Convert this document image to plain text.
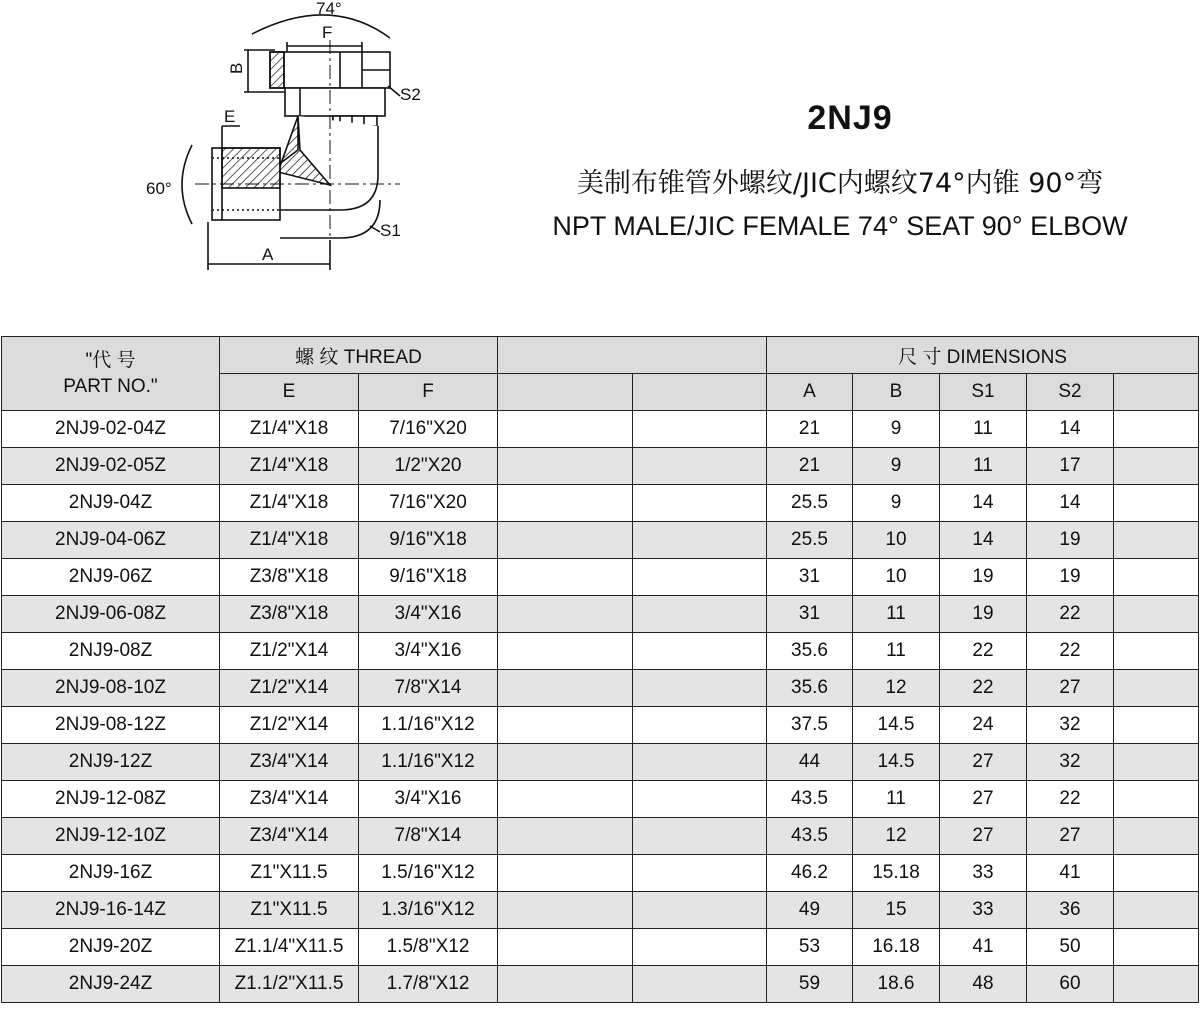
74°
F
B
S2
E
60°
S1
A
2NJ9
美制布锥管外螺纹/JIC内螺纹74°内锥 90°弯
NPT MALE/JIC FEMALE 74° SEAT 90° ELBOW
"代 号
PART NO."	螺 纹 THREAD				尺 寸 DIMENSIONS				
	E	F			A	B	S1	S2	
2NJ9-02-04Z	Z1/4"X18	7/16"X20			21	9	11	14	
2NJ9-02-05Z	Z1/4"X18	1/2"X20			21	9	11	17	
2NJ9-04Z	Z1/4"X18	7/16"X20			25.5	9	14	14	
2NJ9-04-06Z	Z1/4"X18	9/16"X18			25.5	10	14	19	
2NJ9-06Z	Z3/8"X18	9/16"X18			31	10	19	19	
2NJ9-06-08Z	Z3/8"X18	3/4"X16			31	11	19	22	
2NJ9-08Z	Z1/2"X14	3/4"X16			35.6	11	22	22	
2NJ9-08-10Z	Z1/2"X14	7/8"X14			35.6	12	22	27	
2NJ9-08-12Z	Z1/2"X14	1.1/16"X12			37.5	14.5	24	32	
2NJ9-12Z	Z3/4"X14	1.1/16"X12			44	14.5	27	32	
2NJ9-12-08Z	Z3/4"X14	3/4"X16			43.5	11	27	22	
2NJ9-12-10Z	Z3/4"X14	7/8"X14			43.5	12	27	27	
2NJ9-16Z	Z1"X11.5	1.5/16"X12			46.2	15.18	33	41	
2NJ9-16-14Z	Z1"X11.5	1.3/16"X12			49	15	33	36	
2NJ9-20Z	Z1.1/4"X11.5	1.5/8"X12			53	16.18	41	50	
2NJ9-24Z	Z1.1/2"X11.5	1.7/8"X12			59	18.6	48	60	
